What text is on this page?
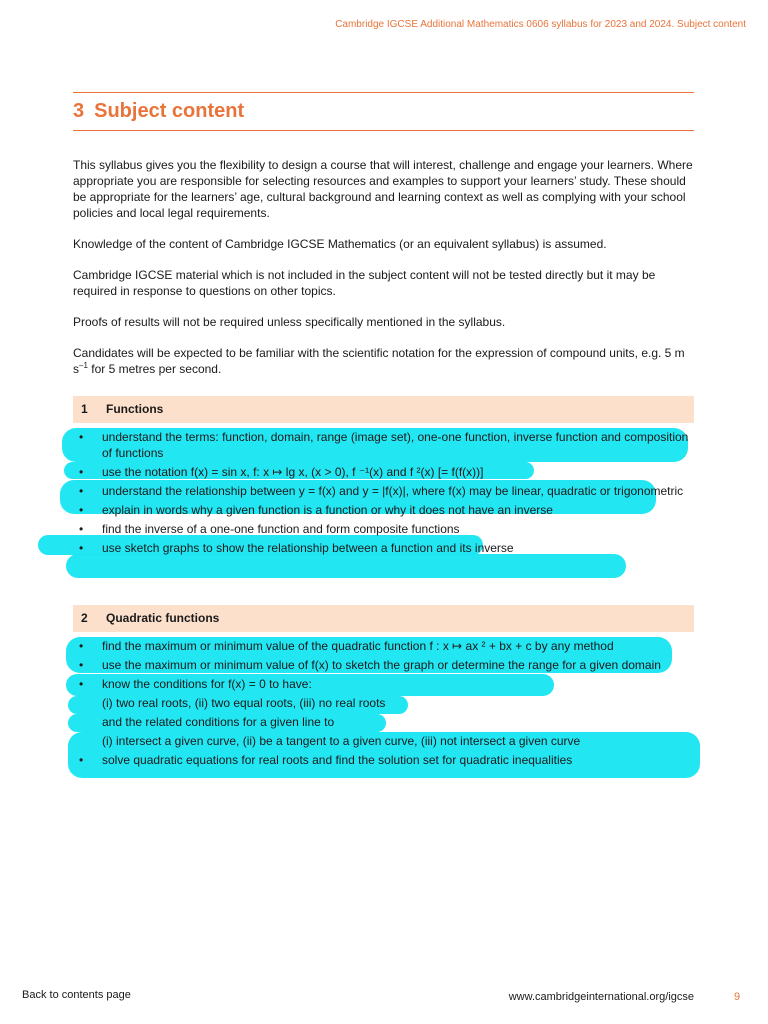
Cambridge IGCSE Additional Mathematics 0606 syllabus for 2023 and 2024. Subject content
3 Subject content

This syllabus gives you the flexibility to design a course that will interest, challenge and engage your learners. Where appropriate you are responsible for selecting resources and examples to support your learners’ study. These should be appropriate for the learners’ age, cultural background and learning context as well as complying with your school policies and local legal requirements.

Knowledge of the content of Cambridge IGCSE Mathematics (or an equivalent syllabus) is assumed.

Cambridge IGCSE material which is not included in the subject content will not be tested directly but it may be required in response to questions on other topics.

Proofs of results will not be required unless specifically mentioned in the syllabus.

Candidates will be expected to be familiar with the scientific notation for the expression of compound units, e.g. 5 m $s^{-1}$ for 5 metres per second.

1 Functions
• understand the terms: function, domain, range (image set), one-one function, inverse function and composition of functions
• use the notation f(x) = sin x, f: x ↦ lg x, (x > 0), f ⁻¹(x) and f ²(x) [= f(f(x))]
• understand the relationship between y = f(x) and y = |f(x)|, where f(x) may be linear, quadratic or trigonometric
• explain in words why a given function is a function or why it does not have an inverse
• find the inverse of a one-one function and form composite functions
• use sketch graphs to show the relationship between a function and its inverse
2 Quadratic functions
• find the maximum or minimum value of the quadratic function f : x ↦ ax ² + bx + c by any method
• use the maximum or minimum value of f(x) to sketch the graph or determine the range for a given domain
• know the conditions for f(x) = 0 to have:
(i) two real roots, (ii) two equal roots, (iii) no real roots
and the related conditions for a given line to
(i) intersect a given curve, (ii) be a tangent to a given curve, (iii) not intersect a given curve
• solve quadratic equations for real roots and find the solution set for quadratic inequalities
Back to contents page	www.cambridgeinternational.org/igcse	9
